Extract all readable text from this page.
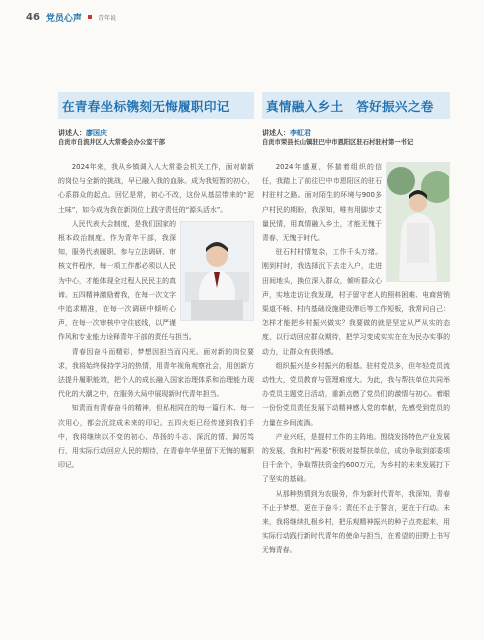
46 党员心声	青年说
在青春坐标镌刻无悔履职印记
讲述人：廖国庆
自贡市自流井区人大常委会办公室干部

2024年来，我从乡镇调入人大常委会机关工作，面对崭新的岗位与全新的挑战，早已融入我的血脉。成为我短暂的初心，心系群众的起点。回忆是常，初心不改，这份从基层带来的“泥土味”，如今成为我在新岗位上践守责任的“源头活水”。

人民代表大会制度，是我们国家的根本政治制度。作为青年干部，我深知，服务代表履职、参与立法调研、审核文件程序，每一项工作都必须以人民为中心，才能体现全过程人民民主的真谛。五四精神激励着我，在每一次文字中追求精准，在每一次调研中倾听心声，在每一次审核中守住底线，以严谨作风和专业能力诠释青年干部的责任与担当。

青春因奋斗而精彩，梦想因担当而闪光。面对新的岗位要求，我将始终保持学习的热情，用青年视角观察社会，用创新方法提升履职能效，把个人的成长融入国家治理体系和治理能力现代化的大潮之中，在服务大局中展现新时代青年担当。

知责而有青春奋斗的精神，但私相同在的每一篇行木、每一次用心，都会沉淀成未来的印记。五四火炬已经传递到我们手中，我将继续以不变的初心、昂扬的斗志、深沉的情、踔厉笃行，用实际行动回应人民的期待，在青春年华里留下无悔的履职印记。

真情融入乡土　答好振兴之卷
讲述人：李虹君
自贡市荣县长山镇驻巴中市恩阳区驻石村驻村第一书记

2024年盛夏，怀揣着组织的信任，我踏上了前往巴中市恩阳区的驻石村驻村之路。面对陌生的环境与900多户村民的期盼，我深知，唯有用脚步丈量民情，用真情融入乡土，才能无愧于青春、无愧于时代。

驻石村村情复杂，工作千头万绪。刚到村时，我选择沉下去走入户，走进田间地头，换位深入群众，倾听群众心声，实地走访让我发现，村子留守老人的照料困难、电商营销渠道不畅、村内基础设施建设滞后等工作短板，我常问自己：怎样才能把乡村振兴做实？我要做的就是坚定从严从实的态度，以行动回应群众期待，把学习变成实实在在为民办实事的动力，让群众有获得感。

组织振兴是乡村振兴的根基。驻村党员多，但年轻党员流动性大，党员教育与管理难度大。为此，我与帮扶单位共同举办党员主题党日活动，重新点燃了党员们的激情与初心。着眼一份份党员责任发展下动精神感人党的奉献，先感受到党员的力量在乡间流淌。

产业兴旺，是提村工作的主阵地。围绕发扬特色产业发展的发展，我和村“两委”积极对接帮扶单位，成功争取到部委项目千余个，争取帮扶资金约600万元，为乡村的未来发展打下了坚实的基础。

从那种热情到为农服务，作为新时代青年，我深知，青春不止于梦想，更在于奋斗；责任不止于誓言，更在于行动。未来，我将继续扎根乡村，把乐观精神振兴的种子点亮起来，用实际行动践行新时代青年的使命与担当，在希望的田野上书写无悔青春。
